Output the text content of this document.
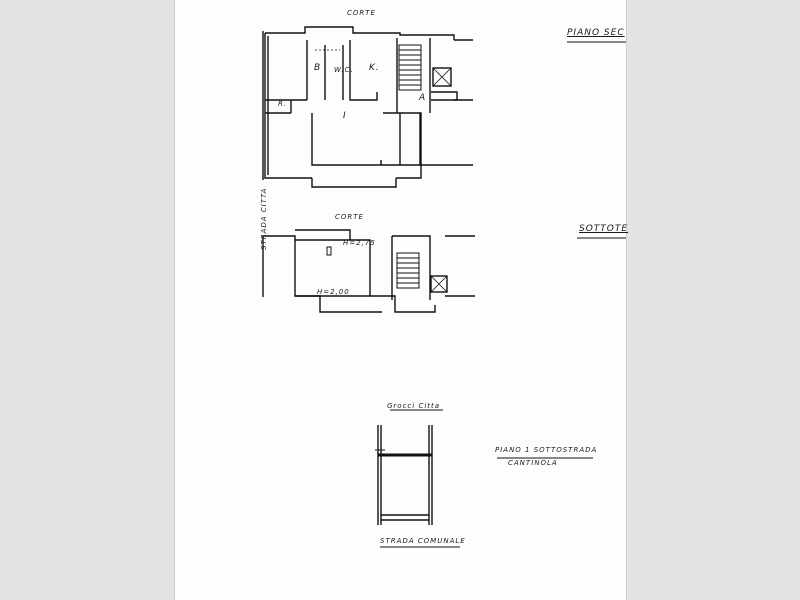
CORTE
PIANO SEC
B W.C. K.
R.
A
I
CORTE
SOTTOTE
H=2,75
H=2,00
STRADA CITTA
Grocci Citta
PIANO 1 SOTTOSTRADA
CANTINOLA
STRADA COMUNALE
